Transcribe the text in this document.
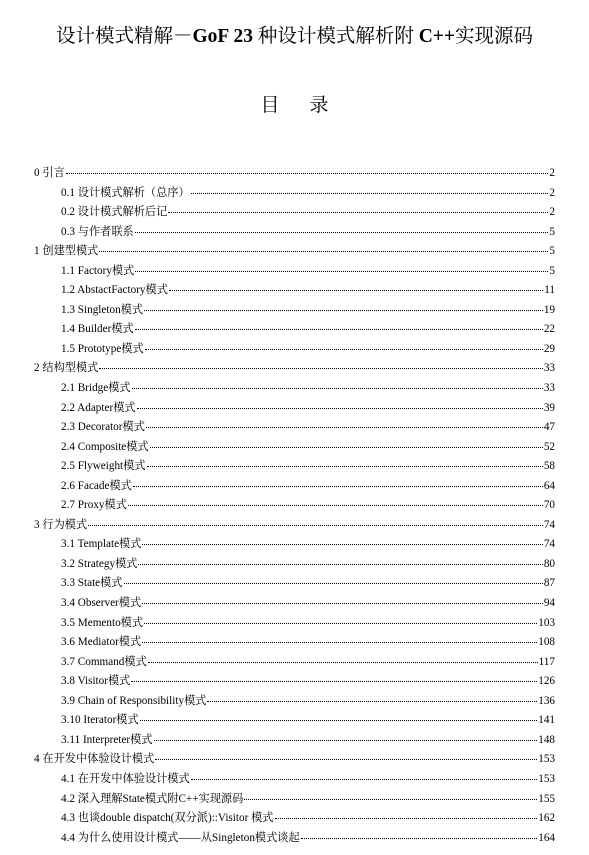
设计模式精解－GoF 23 种设计模式解析附 C++实现源码
目录
0 引言	2
0.1 设计模式解析（总序）	2
0.2 设计模式解析后记	2
0.3 与作者联系	5
1 创建型模式	5
1.1 Factory模式	5
1.2 AbstactFactory模式	11
1.3 Singleton模式	19
1.4 Builder模式	22
1.5 Prototype模式	29
2 结构型模式	33
2.1 Bridge模式	33
2.2 Adapter模式	39
2.3 Decorator模式	47
2.4 Composite模式	52
2.5 Flyweight模式	58
2.6 Facade模式	64
2.7 Proxy模式	70
3 行为模式	74
3.1 Template模式	74
3.2 Strategy模式	80
3.3 State模式	87
3.4 Observer模式	94
3.5 Memento模式	103
3.6 Mediator模式	108
3.7 Command模式	117
3.8 Visitor模式	126
3.9 Chain of Responsibility模式	136
3.10 Iterator模式	141
3.11 Interpreter模式	148
4 在开发中体验设计模式	153
4.1 在开发中体验设计模式	153
4.2 深入理解State模式附C++实现源码	155
4.3 也谈double dispatch(双分派)::Visitor 模式	162
4.4 为什么使用设计模式——从Singleton模式谈起	164
